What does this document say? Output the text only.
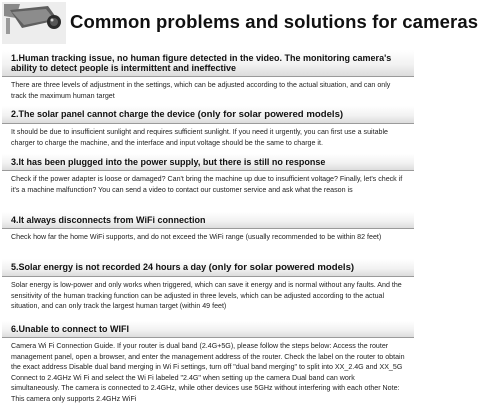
Common problems and solutions for cameras
1.Human tracking issue, no human figure detected in the video. The monitoring camera's ability to detect people is intermittent and ineffective
There are three levels of adjustment in the settings, which can be adjusted according to the actual situation, and can only track the maximum human target
2.The solar panel cannot charge the device (only for solar powered models)
It should be due to insufficient sunlight and requires sufficient sunlight. If you need it urgently, you can first use a suitable charger to charge the machine, and the interface and input voltage should be the same to charge it.
3.It has been plugged into the power supply, but there is still no response
Check if the power adapter is loose or damaged? Can't bring the machine up due to insufficient voltage? Finally, let's check if it's a machine malfunction? You can send a video to contact our customer service and ask what the reason is
4.It always disconnects from WiFi connection
Check how far the home WiFi supports, and do not exceed the WiFi range (usually recommended to be within 82 feet)
5.Solar energy is not recorded 24 hours a day (only for solar powered models)
Solar energy is low-power and only works when triggered, which can save it energy and is normal without any faults. And the sensitivity of the human tracking function can be adjusted in three levels, which can be adjusted according to the actual situation, and can only track the largest human target (within 49 feet)
6.Unable to connect to WIFI
Camera Wi Fi Connection Guide. If your router is dual band (2.4G+5G), please follow the steps below: Access the router management panel, open a browser, and enter the management address of the router. Check the label on the router to obtain the exact address Disable dual band merging in Wi Fi settings, turn off "dual band merging" to split into XX_2.4G and XX_5G Connect to 2.4GHz Wi Fi and select the Wi Fi labeled "2.4G" when setting up the camera Dual band can work simultaneously. The camera is connected to 2.4GHz, while other devices use 5GHz without interfering with each other Note: This camera only supports 2.4GHz WiFi
